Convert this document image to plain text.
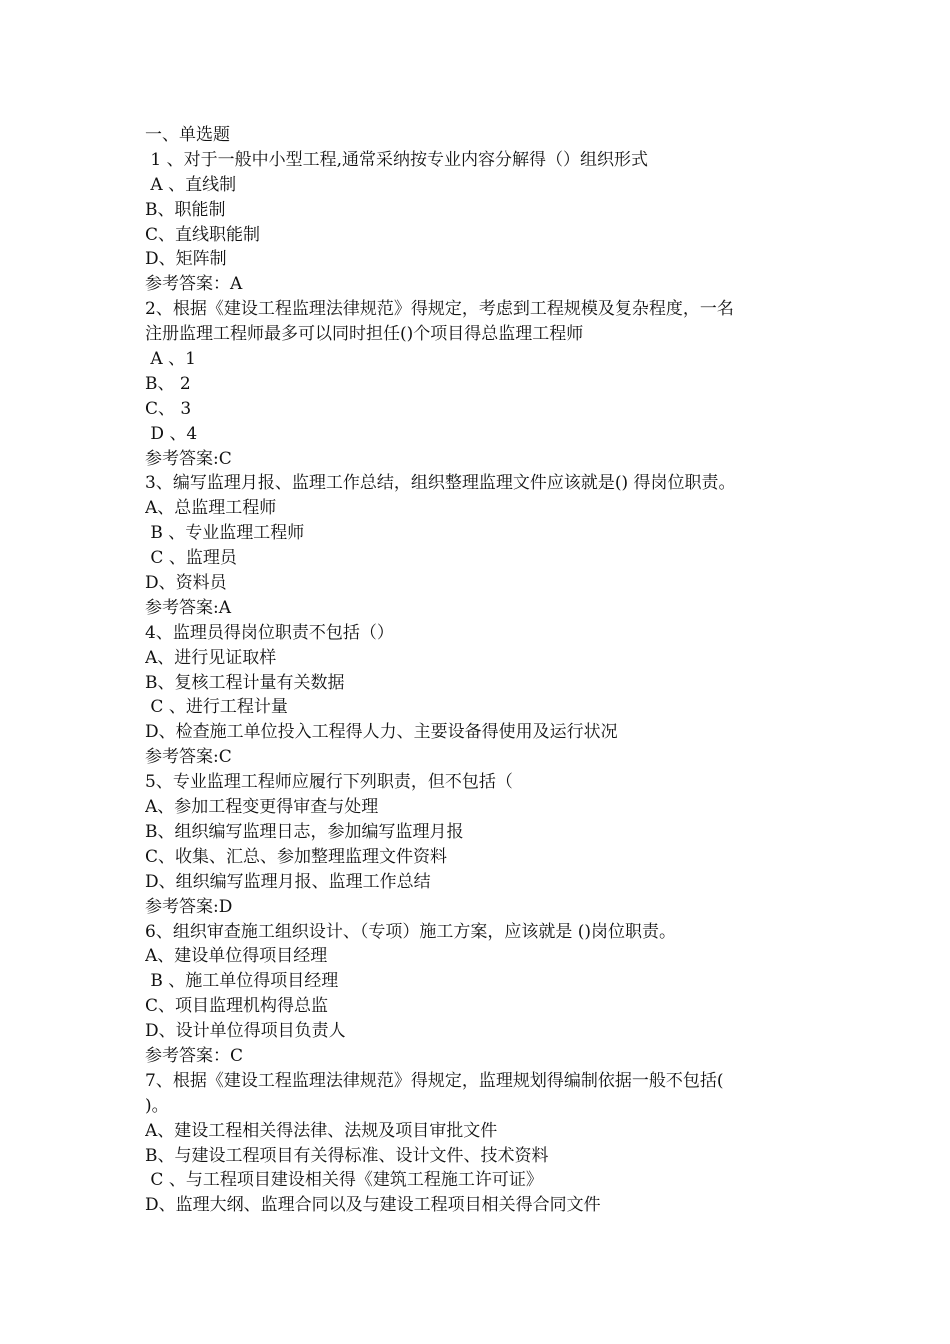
一、单选题
1 、对于一般中小型工程,通常采纳按专业内容分解得（）组织形式
A 、直线制
B、职能制
C、直线职能制
D、矩阵制
参考答案：A
2、根据《建设工程监理法律规范》得规定，考虑到工程规模及复杂程度，一名
注册监理工程师最多可以同时担任()个项目得总监理工程师
A 、1
B、 2
C、 3
D 、4
参考答案:C
3、编写监理月报、监理工作总结，组织整理监理文件应该就是() 得岗位职责。
A、总监理工程师
B 、专业监理工程师
C 、监理员
D、资料员
参考答案:A
4、监理员得岗位职责不包括（）
A、进行见证取样
B、复核工程计量有关数据
C 、进行工程计量
D、检查施工单位投入工程得人力、主要设备得使用及运行状况
参考答案:C
5、专业监理工程师应履行下列职责，但不包括（
A、参加工程变更得审查与处理
B、组织编写监理日志，参加编写监理月报
C、收集、汇总、参加整理监理文件资料
D、组织编写监理月报、监理工作总结
参考答案:D
6、组织审查施工组织设计、（专项）施工方案，应该就是 ()岗位职责。
A、建设单位得项目经理
B 、施工单位得项目经理
C、项目监理机构得总监
D、设计单位得项目负责人
参考答案：C
7、根据《建设工程监理法律规范》得规定，监理规划得编制依据一般不包括(
)。
A、建设工程相关得法律、法规及项目审批文件
B、与建设工程项目有关得标准、设计文件、技术资料
C 、与工程项目建设相关得《建筑工程施工许可证》
D、监理大纲、监理合同以及与建设工程项目相关得合同文件
